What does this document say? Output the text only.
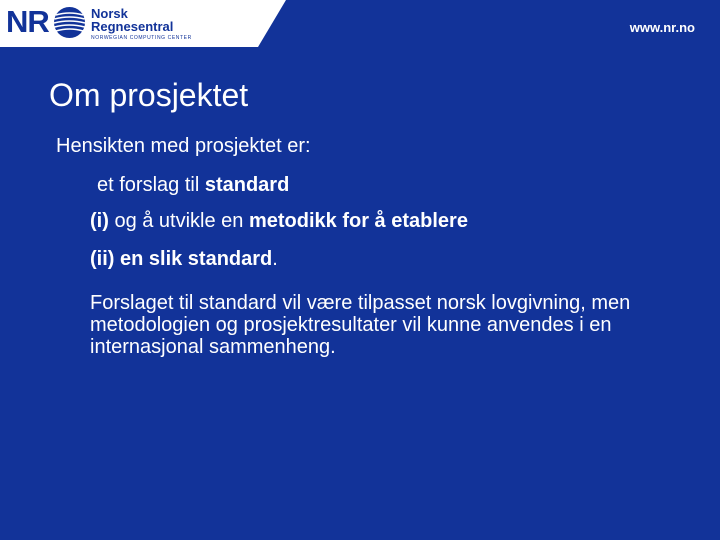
NR	Norsk
Regnesentral
NORWEGIAN COMPUTING CENTER
www.nr.no
Om prosjektet

Hensikten med prosjektet er:

et forslag til standard

(i) og å utvikle en metodikk for å etablere

(ii) en slik standard.

Forslaget til standard vil være tilpasset norsk lovgivning, men metodologien og prosjektresultater vil kunne anvendes i en internasjonal sammenheng.
